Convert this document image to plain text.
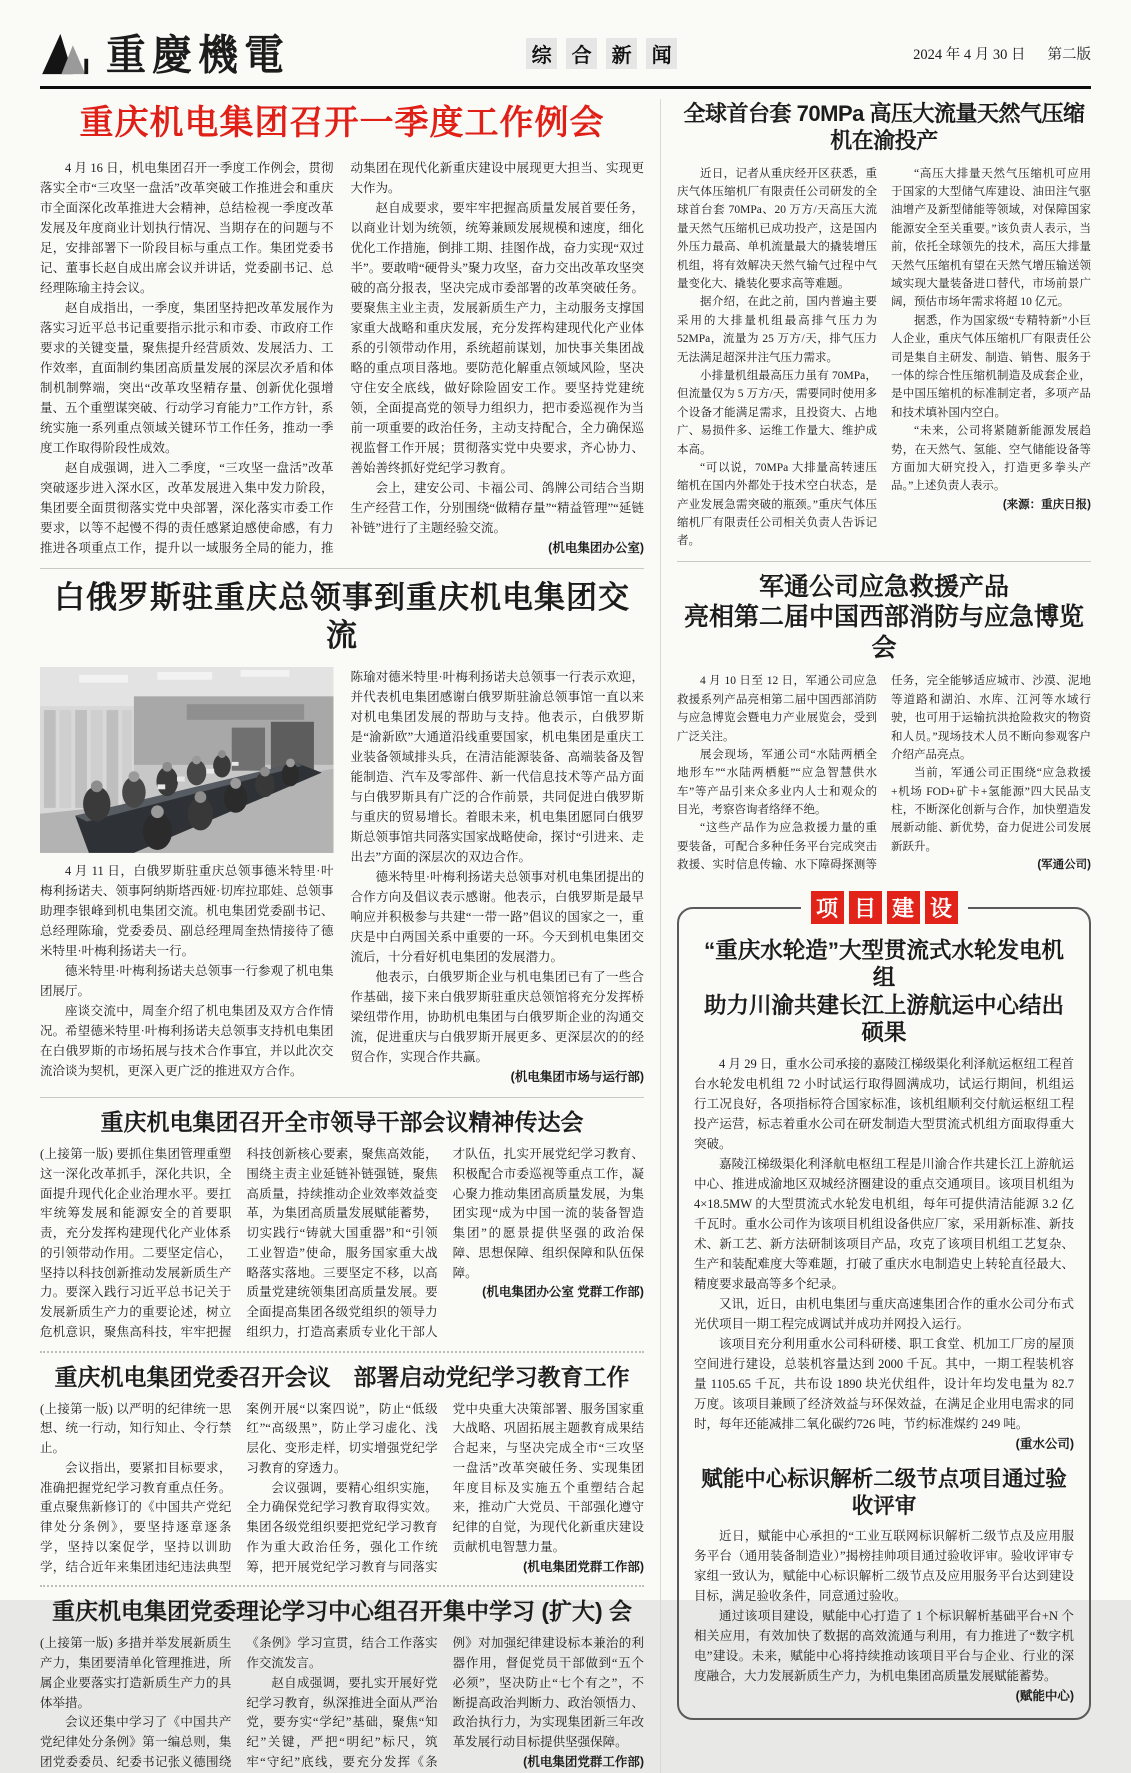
重慶機電	综 合 新 闻	2024 年 4 月 30 日 第二版
重庆机电集团召开一季度工作例会

4 月 16 日，机电集团召开一季度工作例会，贯彻落实全市“三攻坚一盘活”改革突破工作推进会和重庆市全面深化改革推进大会精神，总结检视一季度改革发展及年度商业计划执行情况、当期存在的问题与不足，安排部署下一阶段目标与重点工作。集团党委书记、董事长赵自成出席会议并讲话，党委副书记、总经理陈瑜主持会议。

赵自成指出，一季度，集团坚持把改革发展作为落实习近平总书记重要指示批示和市委、市政府工作要求的关键变量，聚焦提升经营质效、发展活力、工作效率，直面制约集团高质量发展的深层次矛盾和体制机制弊端，突出“改革攻坚精存量、创新优化强增量、五个重塑谋突破、行动学习育能力”工作方针，系统实施一系列重点领域关键环节工作任务，推动一季度工作取得阶段性成效。

赵自成强调，进入二季度，“三攻坚一盘活”改革突破逐步进入深水区，改革发展进入集中发力阶段，集团要全面贯彻落实党中央部署，深化落实市委工作要求，以等不起慢不得的责任感紧迫感使命感，有力推进各项重点工作，提升以一域服务全局的能力，推动集团在现代化新重庆建设中展现更大担当、实现更大作为。

赵自成要求，要牢牢把握高质量发展首要任务，以商业计划为统领，统筹兼顾发展规模和速度，细化优化工作措施，倒排工期、挂图作战，奋力实现“双过半”。要敢啃“硬骨头”聚力攻坚，奋力交出改革攻坚突破的高分报表，坚决完成市委部署的改革突破任务。要聚焦主业主责，发展新质生产力，主动服务支撑国家重大战略和重庆发展，充分发挥构建现代化产业体系的引领带动作用，系统超前谋划，加快事关集团战略的重点项目落地。要防范化解重点领域风险，坚决守住安全底线，做好除险固安工作。要坚持党建统领，全面提高党的领导力组织力，把市委巡视作为当前一项重要的政治任务，主动支持配合，全力确保巡视监督工作开展；贯彻落实党中央要求，齐心协力、善始善终抓好党纪学习教育。

会上，建安公司、卡福公司、鸽牌公司结合当期生产经营工作，分别围绕“做精存量”“精益管理”“延链补链”进行了主题经验交流。

(机电集团办公室)

白俄罗斯驻重庆总领事到重庆机电集团交流

4 月 11 日，白俄罗斯驻重庆总领事德米特里·叶梅利扬诺夫、领事阿纳斯塔西娅·切库拉耶娃、总领事助理李银峰到机电集团交流。机电集团党委副书记、总经理陈瑜，党委委员、副总经理周奎热情接待了德米特里·叶梅利扬诺夫一行。

德米特里·叶梅利扬诺夫总领事一行参观了机电集团展厅。

座谈交流中，周奎介绍了机电集团及双方合作情况。希望德米特里·叶梅利扬诺夫总领事支持机电集团在白俄罗斯的市场拓展与技术合作事宜，并以此次交流洽谈为契机，更深入更广泛的推进双方合作。

陈瑜对德米特里·叶梅利扬诺夫总领事一行表示欢迎，并代表机电集团感谢白俄罗斯驻渝总领事馆一直以来对机电集团发展的帮助与支持。他表示，白俄罗斯是“渝新欧”大通道沿线重要国家，机电集团是重庆工业装备领域排头兵，在清洁能源装备、高端装备及智能制造、汽车及零部件、新一代信息技术等产品方面与白俄罗斯具有广泛的合作前景，共同促进白俄罗斯与重庆的贸易增长。着眼未来，机电集团愿同白俄罗斯总领事馆共同落实国家战略使命，探讨“引进来、走出去”方面的深层次的双边合作。

德米特里·叶梅利扬诺夫总领事对机电集团提出的合作方向及倡议表示感谢。他表示，白俄罗斯是最早响应并积极参与共建“一带一路”倡议的国家之一，重庆是中白两国关系中重要的一环。今天到机电集团交流后，十分看好机电集团的发展潜力。

他表示，白俄罗斯企业与机电集团已有了一些合作基础，接下来白俄罗斯驻重庆总领馆将充分发挥桥梁纽带作用，协助机电集团与白俄罗斯企业的沟通交流，促进重庆与白俄罗斯开展更多、更深层次的的经贸合作，实现合作共赢。

(机电集团市场与运行部)

重庆机电集团召开全市领导干部会议精神传达会

(上接第一版) 要抓住集团管理重塑这一深化改革抓手，深化共识，全面提升现代化企业治理水平。要扛牢统筹发展和能源安全的首要职责，充分发挥构建现代化产业体系的引领带动作用。二要坚定信心，坚持以科技创新推动发展新质生产力。要深入践行习近平总书记关于发展新质生产力的重要论述，树立危机意识，聚焦高科技，牢牢把握科技创新核心要素，聚焦高效能，围绕主责主业延链补链强链，聚焦高质量，持续推动企业效率效益变革，为集团高质量发展赋能蓄势，切实践行“铸就大国重器”和“引领工业智造”使命，服务国家重大战略落实落地。三要坚定不移，以高质量党建统领集团高质量发展。要全面提高集团各级党组织的领导力组织力，打造高素质专业化干部人才队伍，扎实开展党纪学习教育、积极配合市委巡视等重点工作，凝心聚力推动集团高质量发展，为集团实现“成为中国一流的装备智造集团”的愿景提供坚强的政治保障、思想保障、组织保障和队伍保障。

(机电集团办公室 党群工作部)

重庆机电集团党委召开会议　部署启动党纪学习教育工作

(上接第一版) 以严明的纪律统一思想、统一行动，知行知止、令行禁止。

会议指出，要紧扣目标要求，准确把握党纪学习教育重点任务。重点聚焦新修订的《中国共产党纪律处分条例》，要坚持逐章逐条学，坚持以案促学，坚持以训助学，结合近年来集团违纪违法典型案例开展“以案四说”，防止“低级红”“高级黑”，防止学习虚化、浅层化、变形走样，切实增强党纪学习教育的穿透力。

会议强调，要精心组织实施，全力确保党纪学习教育取得实效。集团各级党组织要把党纪学习教育作为重大政治任务，强化工作统筹，把开展党纪学习教育与同落实党中央重大决策部署、服务国家重大战略、巩固拓展主题教育成果结合起来，与坚决完成全市“三攻坚一盘活”改革突破任务、实现集团年度目标及实施五个重塑结合起来，推动广大党员、干部强化遵守纪律的自觉，为现代化新重庆建设贡献机电智慧力量。

(机电集团党群工作部)

重庆机电集团党委理论学习中心组召开集中学习 (扩大) 会

(上接第一版) 多措并举发展新质生产力，集团要清单化管理推进，所属企业要落实打造新质生产力的具体举措。

会议还集中学习了《中国共产党纪律处分条例》第一编总则，集团党委委员、纪委书记张义德围绕《条例》学习宣贯，结合工作落实作交流发言。

赵自成强调，要扎实开展好党纪学习教育，纵深推进全面从严治党，要夯实“学纪”基础，聚焦“知纪”关键，严把“明纪”标尺，筑牢“守纪”底线，要充分发挥《条例》对加强纪律建设标本兼治的利器作用，督促党员干部做到“五个必须”，坚决防止“七个有之”，不断提高政治判断力、政治领悟力、政治执行力，为实现集团新三年改革发展行动目标提供坚强保障。

(机电集团党群工作部)

全球首台套 70MPa 高压大流量天然气压缩机在渝投产

近日，记者从重庆经开区获悉，重庆气体压缩机厂有限责任公司研发的全球首台套 70MPa、20 万方/天高压大流量天然气压缩机已成功投产，这是国内外压力最高、单机流量最大的撬装增压机组，将有效解决天然气输气过程中气量变化大、撬装化要求高等难题。

据介绍，在此之前，国内普遍主要采用的大排量机组最高排气压力为 52MPa，流量为 25 万方/天，排气压力无法满足超深井注气压力需求。

小排量机组最高压力虽有 70MPa，但流量仅为 5 万方/天，需要同时使用多个设备才能满足需求，且投资大、占地广、易损件多、运维工作量大、维护成本高。

“可以说，70MPa 大排量高转速压缩机在国内外都处于技术空白状态，是产业发展急需突破的瓶颈。”重庆气体压缩机厂有限责任公司相关负责人告诉记者。

“高压大排量天然气压缩机可应用于国家的大型储气库建设、油田注气驱油增产及新型储能等领域，对保障国家能源安全至关重要。”该负责人表示，当前，依托全球领先的技术，高压大排量天然气压缩机有望在天然气增压输送领域实现大量装备进口替代，市场前景广阔，预估市场年需求将超 10 亿元。

据悉，作为国家级“专精特新”小巨人企业，重庆气体压缩机厂有限责任公司是集自主研发、制造、销售、服务于一体的综合性压缩机制造及成套企业，是中国压缩机的标准制定者，多项产品和技术填补国内空白。

“未来，公司将紧随新能源发展趋势，在天然气、氢能、空气储能设备等方面加大研究投入，打造更多拳头产品。”上述负责人表示。

(来源：重庆日报)

军通公司应急救援产品
亮相第二届中国西部消防与应急博览会

4 月 10 日至 12 日，军通公司应急救援系列产品亮相第二届中国西部消防与应急博览会暨电力产业展览会，受到广泛关注。

展会现场，军通公司“水陆两栖全地形车”“水陆两栖艇”“应急智慧供水车”等产品引来众多业内人士和观众的目光，考察咨询者络绎不绝。

“这些产品作为应急救援力量的重要装备，可配合多种任务平台完成突击救援、实时信息传输、水下障碍探测等任务，完全能够适应城市、沙漠、泥地等道路和湖泊、水库、江河等水域行驶，也可用于运输抗洪抢险救灾的物资和人员。”现场技术人员不断向参观客户介绍产品亮点。

当前，军通公司正围绕“应急救援+机场 FOD+矿卡+氢能源”四大民品支柱，不断深化创新与合作，加快塑造发展新动能、新优势，奋力促进公司发展新跃升。

(军通公司)

项 目 建 设
“重庆水轮造”大型贯流式水轮发电机组
助力川渝共建长江上游航运中心结出硕果

4 月 29 日，重水公司承接的嘉陵江梯级渠化利泽航运枢纽工程首台水轮发电机组 72 小时试运行取得圆满成功，试运行期间，机组运行工况良好，各项指标符合国家标准，该机组顺利交付航运枢纽工程投产运营，标志着重水公司在研发制造大型贯流式机组方面取得重大突破。

嘉陵江梯级渠化利泽航电枢纽工程是川渝合作共建长江上游航运中心、推进成渝地区双城经济圈建设的重点交通项目。该项目机组为 4×18.5MW 的大型贯流式水轮发电机组，每年可提供清洁能源 3.2 亿千瓦时。重水公司作为该项目机组设备供应厂家，采用新标准、新技术、新工艺、新方法研制该项目产品，攻克了该项目机组工艺复杂、生产和装配难度大等难题，打破了重庆水电制造史上转轮直径最大、精度要求最高等多个纪录。

又讯，近日，由机电集团与重庆高速集团合作的重水公司分布式光伏项目一期工程完成调试并成功并网投入运行。

该项目充分利用重水公司科研楼、职工食堂、机加工厂房的屋顶空间进行建设，总装机容量达到 2000 千瓦。其中，一期工程装机容量 1105.65 千瓦，共布设 1890 块光伏组件，设计年均发电量为 82.7 万度。该项目兼顾了经济效益与环保效益，在满足企业用电需求的同时，每年还能减排二氧化碳约726 吨，节约标准煤约 249 吨。

(重水公司)

赋能中心标识解析二级节点项目通过验收评审

近日，赋能中心承担的“工业互联网标识解析二级节点及应用服务平台（通用装备制造业）”揭榜挂帅项目通过验收评审。验收评审专家组一致认为，赋能中心标识解析二级节点及应用服务平台达到建设目标，满足验收条件，同意通过验收。

通过该项目建设，赋能中心打造了 1 个标识解析基础平台+N 个相关应用，有效加快了数据的高效流通与利用，有力推进了“数字机电”建设。未来，赋能中心将持续推动该项目平台与企业、行业的深度融合，大力发展新质生产力，为机电集团高质量发展赋能蓄势。

(赋能中心)
